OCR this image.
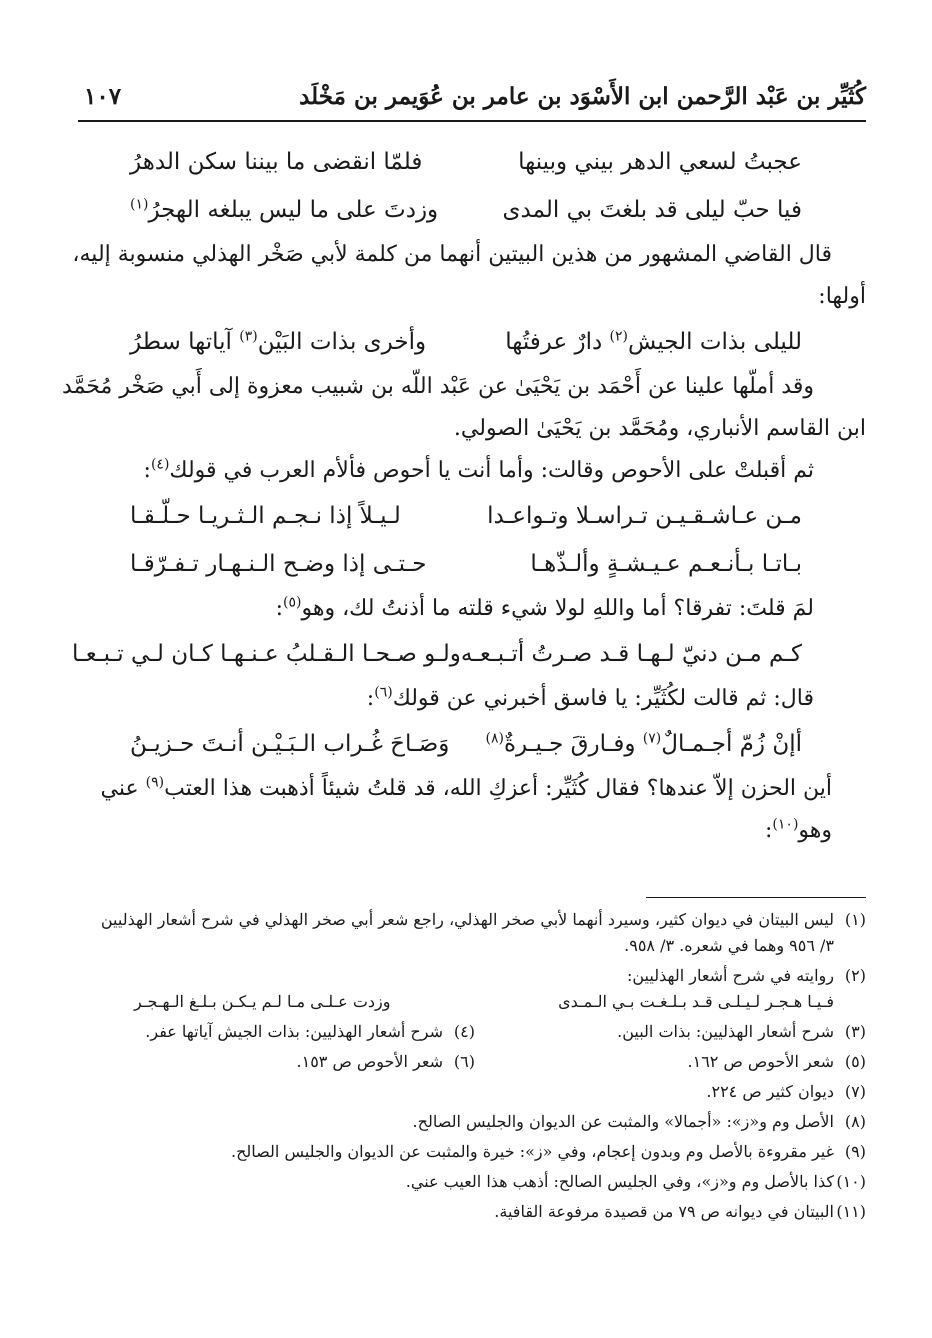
كُثَيِّر بن عَبْد الرَّحمن ابن الأَسْوَد بن عامر بن عُوَيمر بن مَخْلَد
١٠٧
عجبتُ لسعي الدهر بيني وبينها
فلمّا انقضى ما بيننا سكن الدهرُ
فيا حبّ ليلى قد بلغتَ بي المدى
وزدتَ على ما ليس يبلغه الهجرُ$^{(١)}$
قال القاضي المشهور من هذين البيتين أنهما من كلمة لأبي صَخْر الهذلي منسوبة إليه،
أولها:
لليلى بذات الجيش$^{(٢)}$ دارٌ عرفتُها
وأخرى بذات البَيْن$^{(٣)}$ آياتها سطرُ
وقد أملّها علينا عن أَحْمَد بن يَحْيَىٰ عن عَبْد اللّه بن شبيب معزوة إلى أَبي صَخْر مُحَمَّد
ابن القاسم الأنباري، ومُحَمَّد بن يَحْيَىٰ الصولي.
ثم أقبلتْ على الأحوص وقالت: وأما أنت يا أحوص فألأم العرب في قولك$^{(٤)}$:
مـن عـاشـقـيـن تـراسـلا وتـواعـدا
لـيـلاً إذا نـجـم الـثـريـا حـلّـقـا
بـاتـا بـأنـعـم عـيـشـةٍ وألـذّهـا
حـتـى إذا وضـح الـنـهـار تـفـرّقـا
لمَ قلتَ: تفرقا؟ أما واللهِ لولا شيء قلته ما أذنتُ لك، وهو$^{(٥)}$:
كـم مـن دنيّ لـهـا قـد صـرتُ أتـبـعـه
ولـو صـحـا الـقـلبُ عـنـهـا كـان لـي تـبـعـا
قال: ثم قالت لكُثَيِّر: يا فاسق أخبرني عن قولك$^{(٦)}$:
أإنْ زُمّ أجـمـالٌ$^{(٧)}$ وفـارقَ جـيـرةٌ$^{(٨)}$
وَصَـاحَ غُـراب الـبَـيْـن أنـتَ حـزيـنُ
أين الحزن إلاّ عندها؟ فقال كُثَيِّر: أعزكِ الله، قد قلتُ شيئاً أذهبت هذا العتب$^{(٩)}$ عني
وهو$^{(١٠)}$:
(١)
ليس البيتان في ديوان كثير، وسيرد أنهما لأبي صخر الهذلي، راجع شعر أبي صخر الهذلي في شرح أشعار الهذليين ٣/ ٩٥٦ وهما في شعره. ٣/ ٩٥٨.
(٢)
روايته في شرح أشعار الهذليين:
فـيـا هـجـر لـيـلـى قـد بـلـغـت بـي الـمـدى
وزدت عـلـى مـا لـم يـكـن بـلـغ الـهـجـر
(٣)
شرح أشعار الهذليين: بذات البين.
(٤)
شرح أشعار الهذليين: بذات الجيش آياتها عفر.
(٥)
شعر الأحوص ص ١٦٢.
(٦)
شعر الأحوص ص ١٥٣.
(٧)
ديوان كثير ص ٢٢٤.
(٨)
الأصل وم و«ز»: «أجمالا» والمثبت عن الديوان والجليس الصالح.
(٩)
غير مقروءة بالأصل وم وبدون إعجام، وفي «ز»: خيرة والمثبت عن الديوان والجليس الصالح.
(١٠)
كذا بالأصل وم و«ز»، وفي الجليس الصالح: أذهب هذا العيب عني.
(١١)
البيتان في ديوانه ص ٧٩ من قصيدة مرفوعة القافية.
